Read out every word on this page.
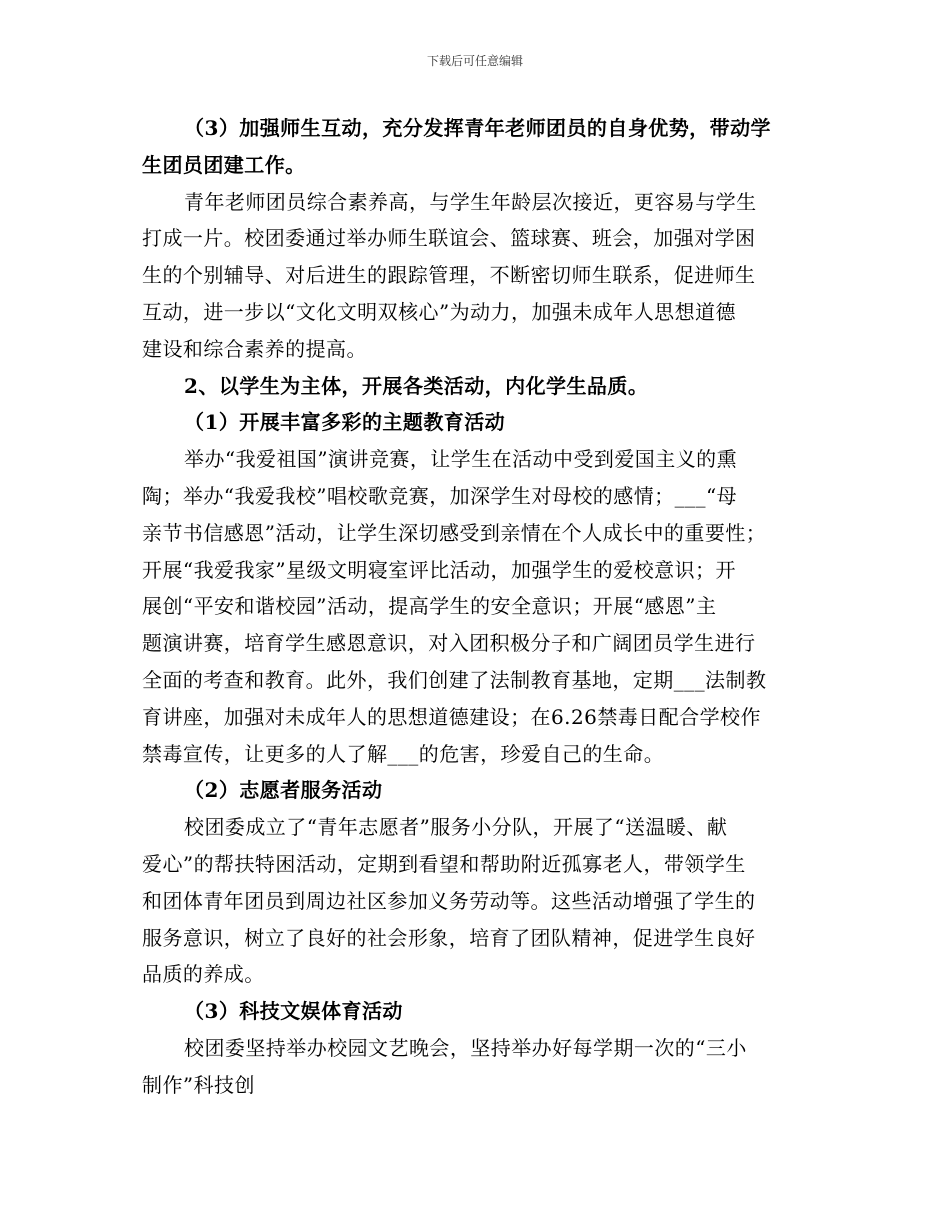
下载后可任意编辑
（3）加强师生互动，充分发挥青年老师团员的自身优势，带动学
生团员团建工作。
青年老师团员综合素养高，与学生年龄层次接近，更容易与学生
打成一片。校团委通过举办师生联谊会、篮球赛、班会，加强对学困
生的个别辅导、对后进生的跟踪管理，不断密切师生联系，促进师生
互动，进一步以“文化文明双核心”为动力，加强未成年人思想道德
建设和综合素养的提高。
2、以学生为主体，开展各类活动，内化学生品质。
（1）开展丰富多彩的主题教育活动
举办“我爱祖国”演讲竞赛，让学生在活动中受到爱国主义的熏
陶；举办“我爱我校”唱校歌竞赛，加深学生对母校的感情；___“母
亲节书信感恩”活动，让学生深切感受到亲情在个人成长中的重要性；
开展“我爱我家”星级文明寝室评比活动，加强学生的爱校意识；开
展创“平安和谐校园”活动，提高学生的安全意识；开展“感恩”主
题演讲赛，培育学生感恩意识，对入团积极分子和广阔团员学生进行
全面的考查和教育。此外，我们创建了法制教育基地，定期___法制教
育讲座，加强对未成年人的思想道德建设；在6.26禁毒日配合学校作
禁毒宣传，让更多的人了解___的危害，珍爱自己的生命。
（2）志愿者服务活动
校团委成立了“青年志愿者”服务小分队，开展了“送温暖、献
爱心”的帮扶特困活动，定期到看望和帮助附近孤寡老人，带领学生
和团体青年团员到周边社区参加义务劳动等。这些活动增强了学生的
服务意识，树立了良好的社会形象，培育了团队精神，促进学生良好
品质的养成。
（3）科技文娱体育活动
校团委坚持举办校园文艺晚会，坚持举办好每学期一次的“三小
制作”科技创
